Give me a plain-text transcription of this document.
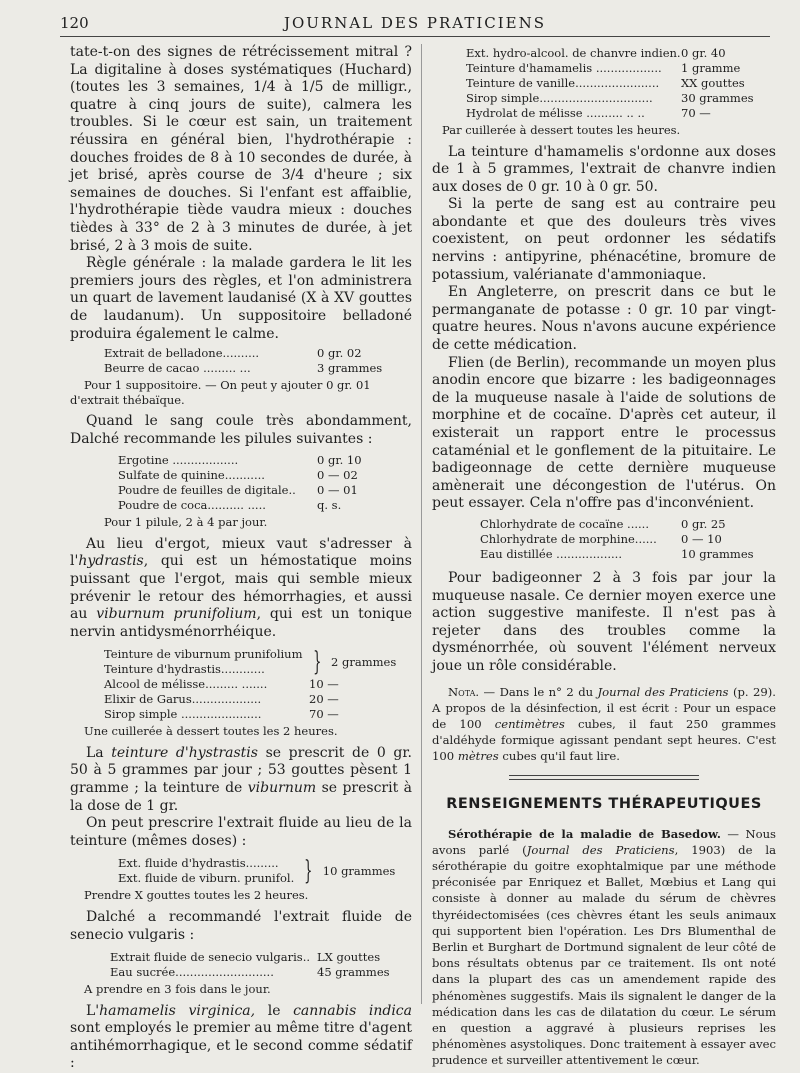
120	JOURNAL DES PRATICIENS

tate-t-on des signes de rétrécissement mitral ? La digitaline à doses systématiques (Huchard) (toutes les 3 semaines, 1/4 à 1/5 de milligr., quatre à cinq jours de suite), calmera les troubles. Si le cœur est sain, un traitement réussira en général bien, l'hydrothérapie : douches froides de 8 à 10 secondes de durée, à jet brisé, après course de 3/4 d'heure ; six semaines de douches. Si l'enfant est affaiblie, l'hydrothérapie tiède vaudra mieux : douches tièdes à 33° de 2 à 3 minutes de durée, à jet brisé, 2 à 3 mois de suite.

Règle générale : la malade gardera le lit les premiers jours des règles, et l'on administrera un quart de lavement laudanisé (X à XV gouttes de laudanum). Un suppositoire belladoné produira également le calme.

Extrait de belladone..........	0 gr. 02
Beurre de cacao ......... ...	3 grammes

Pour 1 suppositoire. — On peut y ajouter 0 gr. 01 d'extrait thébaïque.

Quand le sang coule très abondamment, Dalché recommande les pilules suivantes :

Ergotine ..................	0 gr. 10
Sulfate de quinine...........	0 — 02
Poudre de feuilles de digitale..	0 — 01
Poudre de coca.......... .....	q. s.

Pour 1 pilule, 2 à 4 par jour.

Au lieu d'ergot, mieux vaut s'adresser à l'hydrastis, qui est un hémostatique moins puissant que l'ergot, mais qui semble mieux prévenir le retour des hémorrhagies, et aussi au viburnum prunifolium, qui est un tonique nervin antidysménorrhéique.

Teinture de viburnum prunifolium
Teinture d'hydrastis............	} 2 grammes
Alcool de mélisse......... .......	10 —
Elixir de Garus...................	20 —
Sirop simple ......................	70 —

Une cuillerée à dessert toutes les 2 heures.

La teinture d'hystrastis se prescrit de 0 gr. 50 à 5 grammes par jour ; 53 gouttes pèsent 1 gramme ; la teinture de viburnum se prescrit à la dose de 1 gr.

On peut prescrire l'extrait fluide au lieu de la teinture (mêmes doses) :

Ext. fluide d'hydrastis.........
Ext. fluide de viburn. prunifol. } 10 grammes

Prendre X gouttes toutes les 2 heures.

Dalché a recommandé l'extrait fluide de senecio vulgaris :

Extrait fluide de senecio vulgaris.. LX gouttes
Eau sucrée...........................	45 grammes

A prendre en 3 fois dans le jour.

L'hamamelis virginica, le cannabis indica sont employés le premier au même titre d'agent antihémorrhagique, et le second comme sédatif :

Ext. hydro-alcool. de chanvre indien. 0 gr. 40
Teinture d'hamamelis ..................	1 gramme
Teinture de vanille.......................	XX gouttes
Sirop simple...............................	30 grammes
Hydrolat de mélisse .......... .. ..	70 —

Par cuillerée à dessert toutes les heures.

La teinture d'hamamelis s'ordonne aux doses de 1 à 5 grammes, l'extrait de chanvre indien aux doses de 0 gr. 10 à 0 gr. 50.

Si la perte de sang est au contraire peu abondante et que des douleurs très vives coexistent, on peut ordonner les sédatifs nervins : antipyrine, phénacétine, bromure de potassium, valérianate d'ammoniaque.

En Angleterre, on prescrit dans ce but le permanganate de potasse : 0 gr. 10 par vingt-quatre heures. Nous n'avons aucune expérience de cette médication.

Flien (de Berlin), recommande un moyen plus anodin encore que bizarre : les badigeonnages de la muqueuse nasale à l'aide de solutions de morphine et de cocaïne. D'après cet auteur, il existerait un rapport entre le processus cataménial et le gonflement de la pituitaire. Le badigeonnage de cette dernière muqueuse amènerait une décongestion de l'utérus. On peut essayer. Cela n'offre pas d'inconvénient.

Chlorhydrate de cocaïne ......	0 gr. 25
Chlorhydrate de morphine......	0 — 10
Eau distillée ..................	10 grammes

Pour badigeonner 2 à 3 fois par jour la muqueuse nasale. Ce dernier moyen exerce une action suggestive manifeste. Il n'est pas à rejeter dans des troubles comme la dysménorrhée, où souvent l'élément nerveux joue un rôle considérable.

Nota. — Dans le n° 2 du Journal des Praticiens (p. 29). A propos de la désinfection, il est écrit : Pour un espace de 100 centimètres cubes, il faut 250 grammes d'aldéhyde formique agissant pendant sept heures. C'est 100 mètres cubes qu'il faut lire.

RENSEIGNEMENTS THÉRAPEUTIQUES

Sérothérapie de la maladie de Basedow. — Nous avons parlé (Journal des Praticiens, 1903) de la sérothérapie du goitre exophtalmique par une méthode préconisée par Enriquez et Ballet, Mœbius et Lang qui consiste à donner au malade du sérum de chèvres thyréidectomisées (ces chèvres étant les seuls animaux qui supportent bien l'opération. Les Drs Blumenthal de Berlin et Burghart de Dortmund signalent de leur côté de bons résultats obtenus par ce traitement. Ils ont noté dans la plupart des cas un amendement rapide des phénomènes suggestifs. Mais ils signalent le danger de la médication dans les cas de dilatation du cœur. Le sérum en question a aggravé à plusieurs reprises les phénomènes asystoliques. Donc traitement à essayer avec prudence et surveiller attentivement le cœur.
